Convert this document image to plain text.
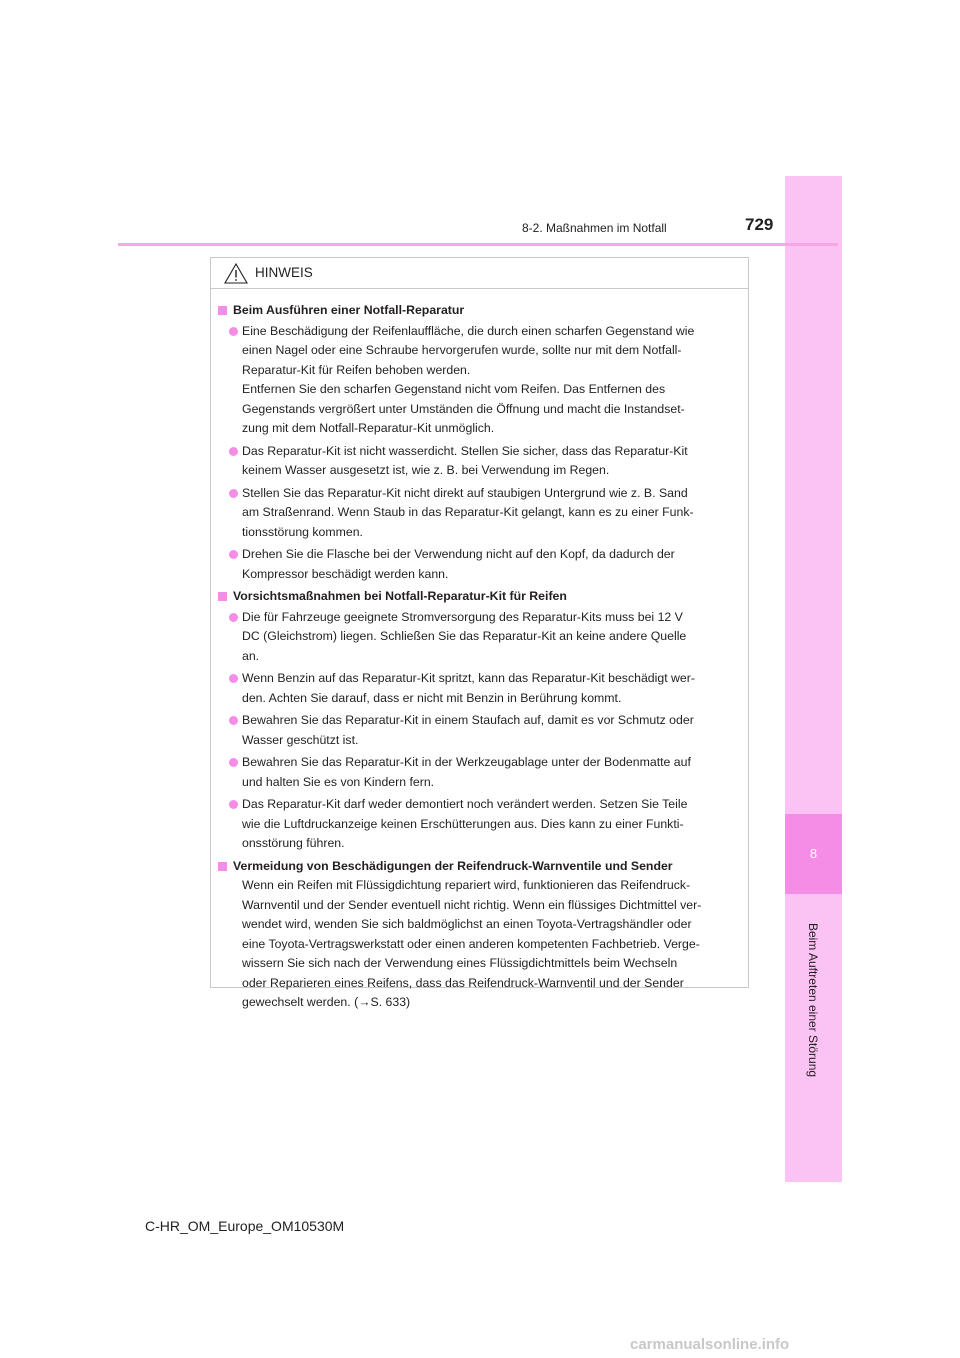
8
Beim Auftreten einer Störung
8-2. Maßnahmen im Notfall	729
HINWEIS
Beim Ausführen einer Notfall-Reparatur
Eine Beschädigung der Reifenlauffläche, die durch einen scharfen Gegenstand wie
einen Nagel oder eine Schraube hervorgerufen wurde, sollte nur mit dem Notfall-
Reparatur-Kit für Reifen behoben werden.
Entfernen Sie den scharfen Gegenstand nicht vom Reifen. Das Entfernen des
Gegenstands vergrößert unter Umständen die Öffnung und macht die Instandset-
zung mit dem Notfall-Reparatur-Kit unmöglich.
Das Reparatur-Kit ist nicht wasserdicht. Stellen Sie sicher, dass das Reparatur-Kit
keinem Wasser ausgesetzt ist, wie z. B. bei Verwendung im Regen.
Stellen Sie das Reparatur-Kit nicht direkt auf staubigen Untergrund wie z. B. Sand
am Straßenrand. Wenn Staub in das Reparatur-Kit gelangt, kann es zu einer Funk-
tionsstörung kommen.
Drehen Sie die Flasche bei der Verwendung nicht auf den Kopf, da dadurch der
Kompressor beschädigt werden kann.
Vorsichtsmaßnahmen bei Notfall-Reparatur-Kit für Reifen
Die für Fahrzeuge geeignete Stromversorgung des Reparatur-Kits muss bei 12 V
DC (Gleichstrom) liegen. Schließen Sie das Reparatur-Kit an keine andere Quelle
an.
Wenn Benzin auf das Reparatur-Kit spritzt, kann das Reparatur-Kit beschädigt wer-
den. Achten Sie darauf, dass er nicht mit Benzin in Berührung kommt.
Bewahren Sie das Reparatur-Kit in einem Staufach auf, damit es vor Schmutz oder
Wasser geschützt ist.
Bewahren Sie das Reparatur-Kit in der Werkzeugablage unter der Bodenmatte auf
und halten Sie es von Kindern fern.
Das Reparatur-Kit darf weder demontiert noch verändert werden. Setzen Sie Teile
wie die Luftdruckanzeige keinen Erschütterungen aus. Dies kann zu einer Funkti-
onsstörung führen.
Vermeidung von Beschädigungen der Reifendruck-Warnventile und Sender
Wenn ein Reifen mit Flüssigdichtung repariert wird, funktionieren das Reifendruck-
Warnventil und der Sender eventuell nicht richtig. Wenn ein flüssiges Dichtmittel ver-
wendet wird, wenden Sie sich baldmöglichst an einen Toyota-Vertragshändler oder
eine Toyota-Vertragswerkstatt oder einen anderen kompetenten Fachbetrieb. Verge-
wissern Sie sich nach der Verwendung eines Flüssigdichtmittels beim Wechseln
oder Reparieren eines Reifens, dass das Reifendruck-Warnventil und der Sender
gewechselt werden. (→S. 633)
C-HR_OM_Europe_OM10530M
carmanualsonline.info
